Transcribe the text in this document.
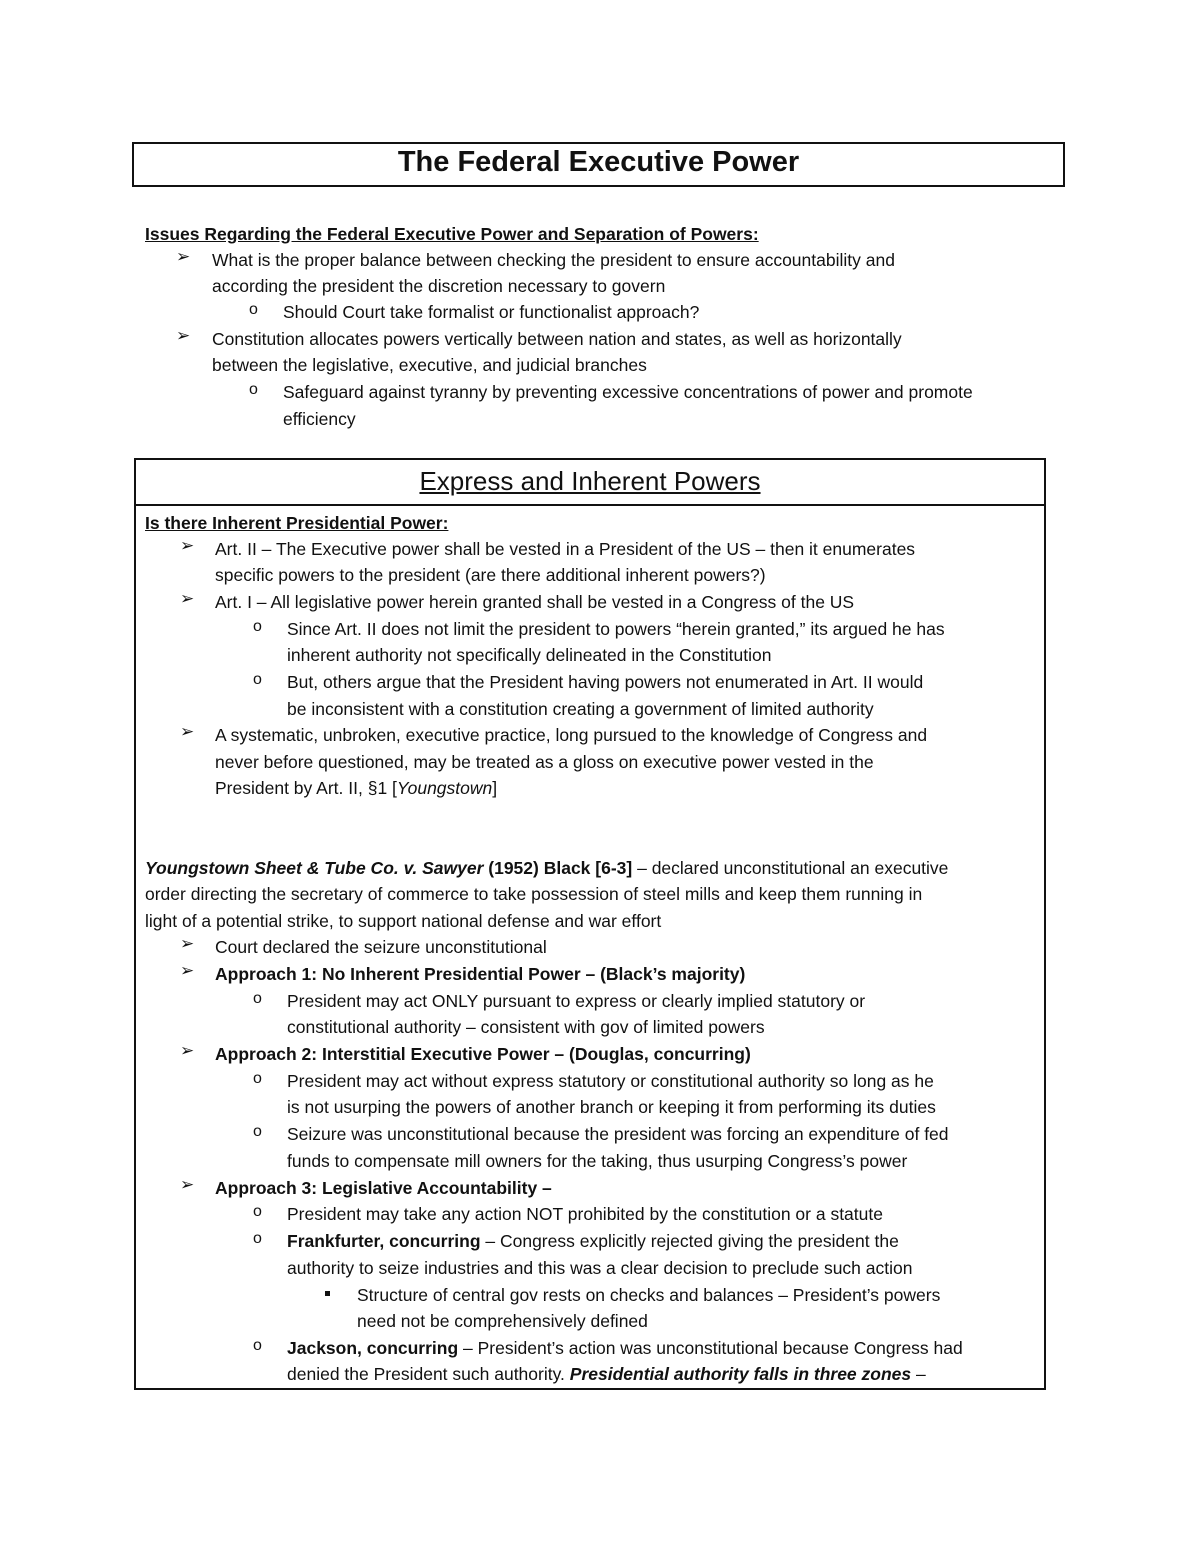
The Federal Executive Power
Issues Regarding the Federal Executive Power and Separation of Powers:
➢ What is the proper balance between checking the president to ensure accountability and
according the president the discretion necessary to govern
o Should Court take formalist or functionalist approach?
➢ Constitution allocates powers vertically between nation and states, as well as horizontally
between the legislative, executive, and judicial branches
o Safeguard against tyranny by preventing excessive concentrations of power and promote
efficiency
Express and Inherent Powers
Is there Inherent Presidential Power:
➢ Art. II – The Executive power shall be vested in a President of the US – then it enumerates
specific powers to the president (are there additional inherent powers?)
➢ Art. I – All legislative power herein granted shall be vested in a Congress of the US
o Since Art. II does not limit the president to powers “herein granted,” its argued he has
inherent authority not specifically delineated in the Constitution
o But, others argue that the President having powers not enumerated in Art. II would
be inconsistent with a constitution creating a government of limited authority
➢ A systematic, unbroken, executive practice, long pursued to the knowledge of Congress and
never before questioned, may be treated as a gloss on executive power vested in the
President by Art. II, §1 [Youngstown]
Youngstown Sheet & Tube Co. v. Sawyer (1952) Black [6-3] – declared unconstitutional an executive
order directing the secretary of commerce to take possession of steel mills and keep them running in
light of a potential strike, to support national defense and war effort
➢ Court declared the seizure unconstitutional
➢ Approach 1: No Inherent Presidential Power – (Black’s majority)
o President may act ONLY pursuant to express or clearly implied statutory or
constitutional authority – consistent with gov of limited powers
➢ Approach 2: Interstitial Executive Power – (Douglas, concurring)
o President may act without express statutory or constitutional authority so long as he
is not usurping the powers of another branch or keeping it from performing its duties
o Seizure was unconstitutional because the president was forcing an expenditure of fed
funds to compensate mill owners for the taking, thus usurping Congress’s power
➢ Approach 3: Legislative Accountability –
o President may take any action NOT prohibited by the constitution or a statute
o Frankfurter, concurring – Congress explicitly rejected giving the president the
authority to seize industries and this was a clear decision to preclude such action
Structure of central gov rests on checks and balances – President’s powers
need not be comprehensively defined
o Jackson, concurring – President’s action was unconstitutional because Congress had
denied the President such authority. Presidential authority falls in three zones –
